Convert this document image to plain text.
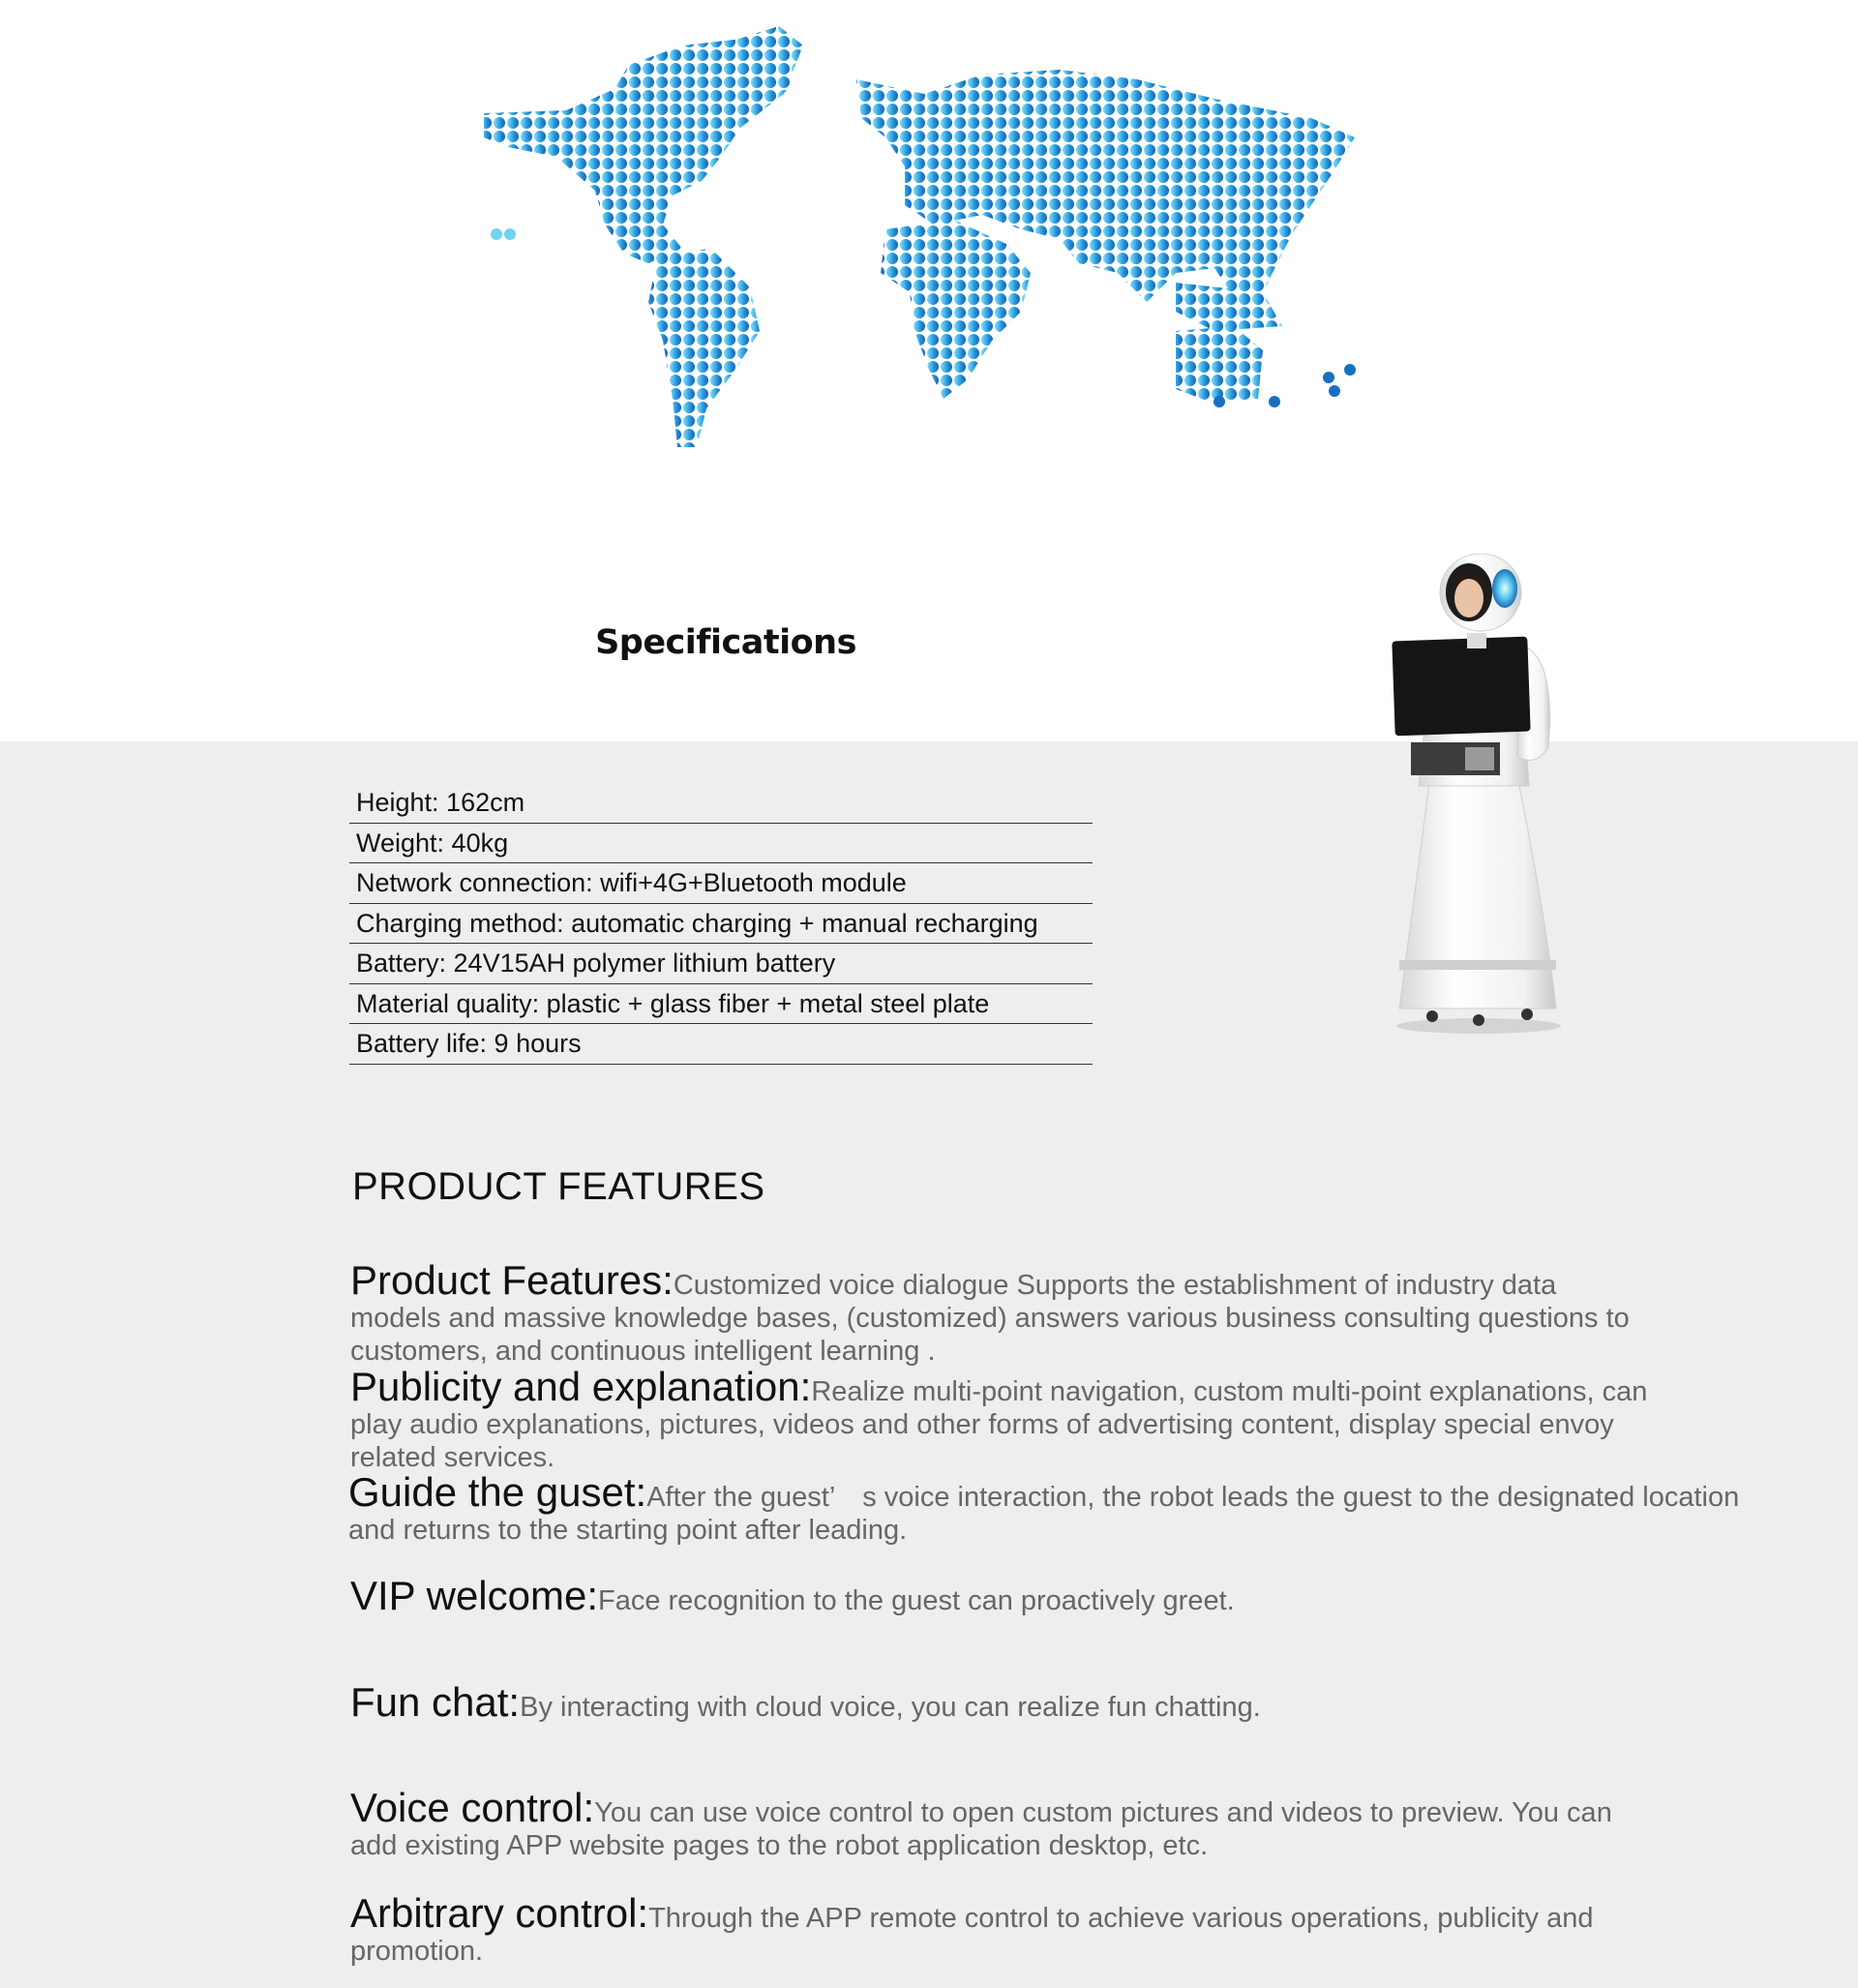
Specifications
Height: 162cm
Weight: 40kg
Network connection: wifi+4G+Bluetooth module
Charging method: automatic charging + manual recharging
Battery: 24V15AH polymer lithium battery
Material quality: plastic + glass fiber + metal steel plate
Battery life: 9 hours
PRODUCT FEATURES
Product Features:Customized voice dialogue Supports the establishment of industry data models and massive knowledge bases, (customized) answers various business consulting questions to customers, and continuous intelligent learning .
Publicity and explanation:Realize multi-point navigation, custom multi-point explanations, can play audio explanations, pictures, videos and other forms of advertising content, display special envoy related services.
Guide the guset:After the guest’　s voice interaction, the robot leads the guest to the designated location and returns to the starting point after leading.
VIP welcome:Face recognition to the guest can proactively greet.
Fun chat:By interacting with cloud voice, you can realize fun chatting.
Voice control:You can use voice control to open custom pictures and videos to preview. You can add existing APP website pages to the robot application desktop, etc.
Arbitrary control:Through the APP remote control to achieve various operations, publicity and promotion.
